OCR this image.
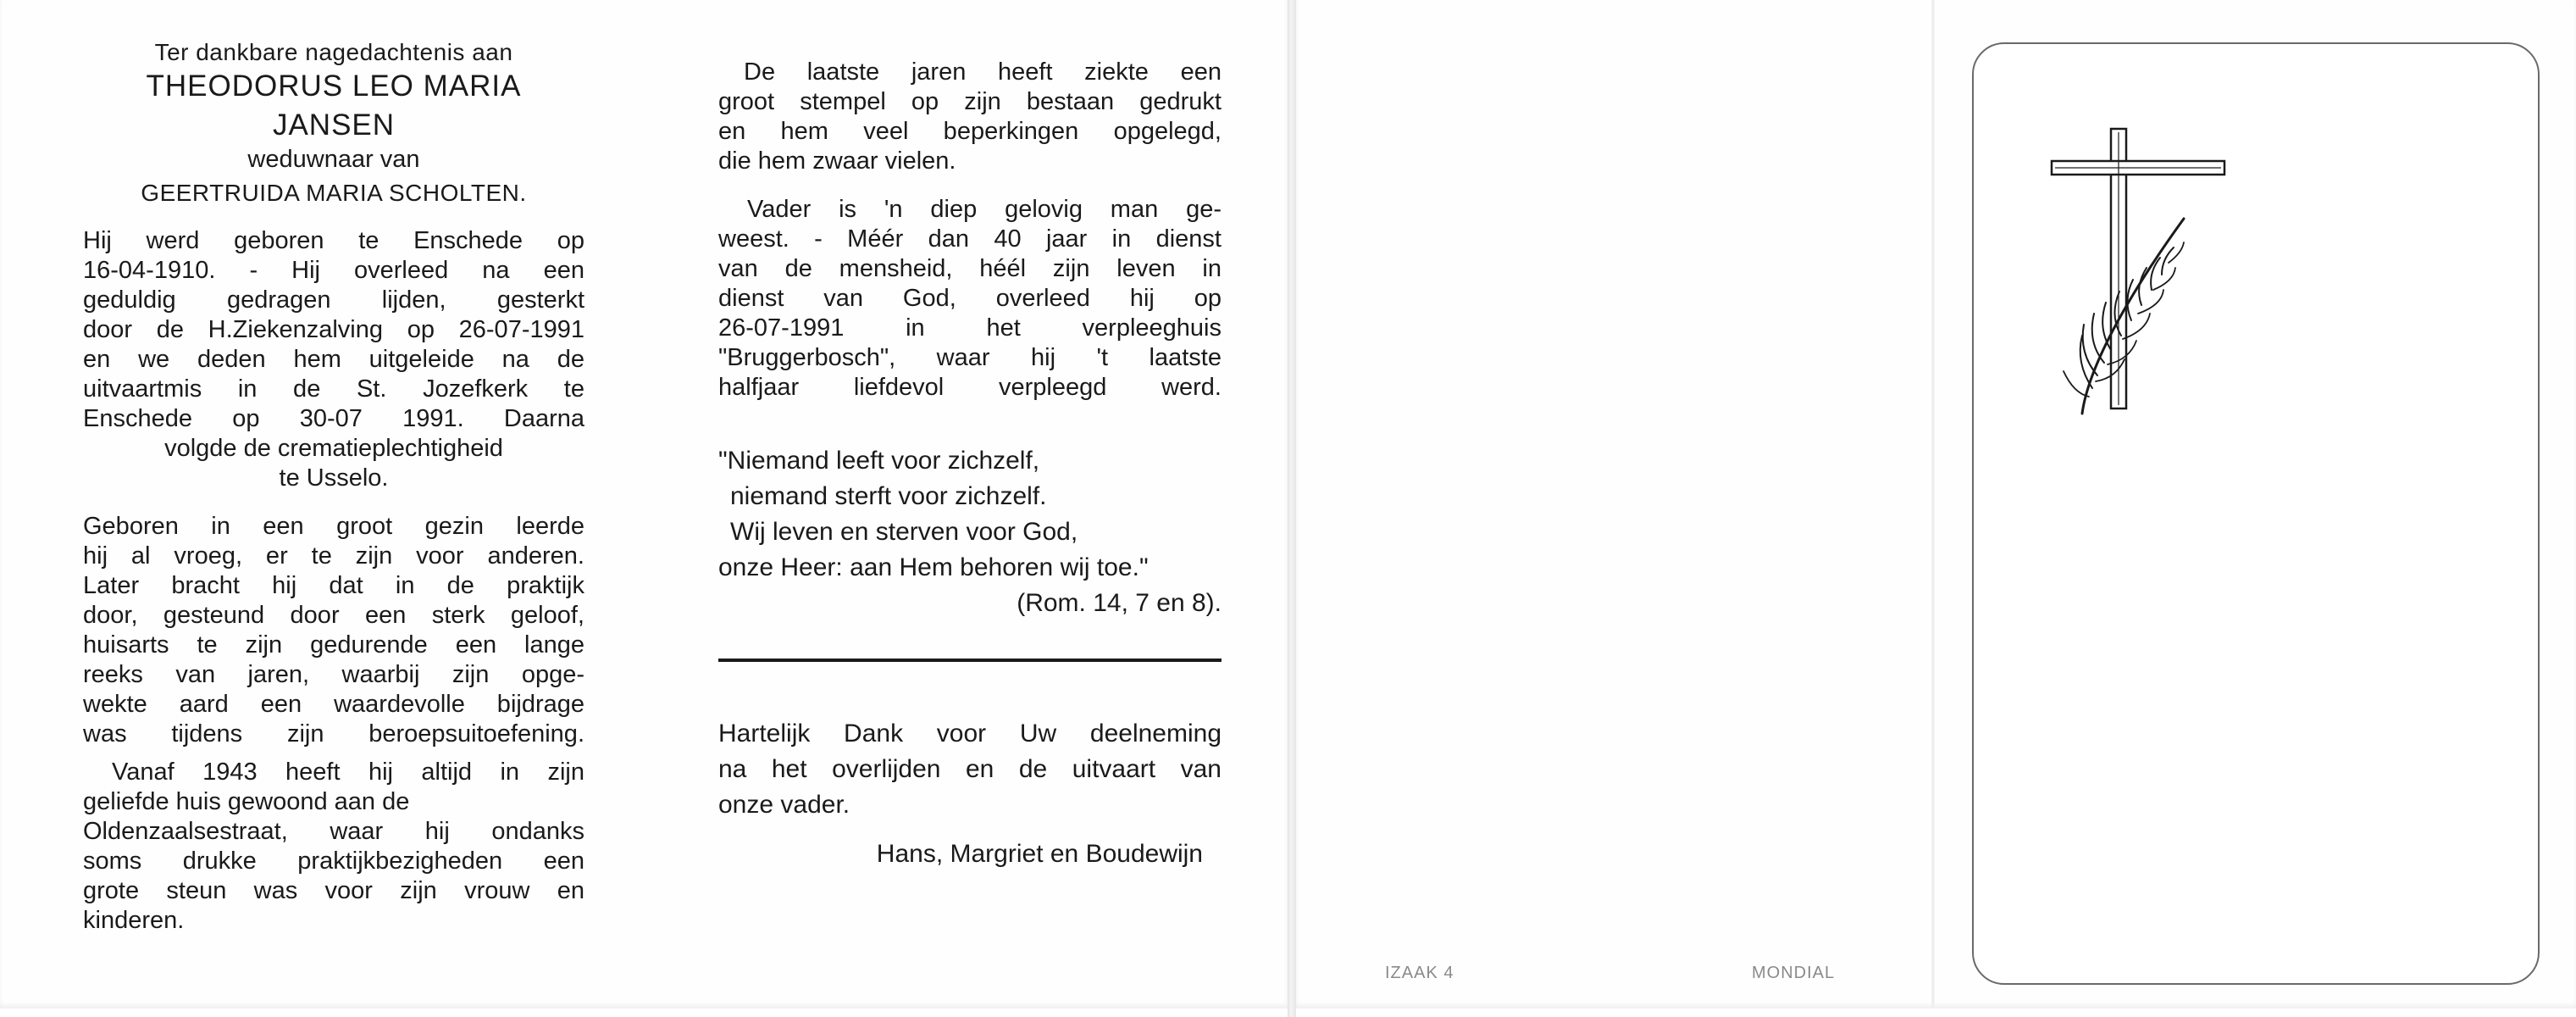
Ter dankbare nagedachtenis aan
THEODORUS LEO MARIA
JANSEN
weduwnaar van
GEERTRUIDA MARIA SCHOLTEN.
Hij werd geboren te Enschede op
16-04-1910. - Hij overleed na een
geduldig gedragen lijden, gesterkt
door de H.Ziekenzalving op 26-07-1991
en we deden hem uitgeleide na de
uitvaartmis in de St. Jozefkerk te
Enschede op 30-07 1991. Daarna
volgde de crematieplechtigheid
te Usselo.
Geboren in een groot gezin leerde
hij al vroeg, er te zijn voor anderen.
Later bracht hij dat in de praktijk
door, gesteund door een sterk geloof,
huisarts te zijn gedurende een lange
reeks van jaren, waarbij zijn opge-
wekte aard een waardevolle bijdrage
was tijdens zijn beroepsuitoefening.
Vanaf 1943 heeft hij altijd in zijn
geliefde huis gewoond aan de
Oldenzaalsestraat, waar hij ondanks
soms drukke praktijkbezigheden een
grote steun was voor zijn vrouw en
kinderen.
De laatste jaren heeft ziekte een
groot stempel op zijn bestaan gedrukt
en hem veel beperkingen opgelegd,
die hem zwaar vielen.
Vader is 'n diep gelovig man ge-
weest. - Méér dan 40 jaar in dienst
van de mensheid, héél zijn leven in
dienst van God, overleed hij op
26-07-1991 in het verpleeghuis
"Bruggerbosch", waar hij 't laatste
halfjaar liefdevol verpleegd werd.
"Niemand leeft voor zichzelf,
niemand sterft voor zichzelf.
Wij leven en sterven voor God,
onze Heer: aan Hem behoren wij toe."
(Rom. 14, 7 en 8).
Hartelijk Dank voor Uw deelneming
na het overlijden en de uitvaart van
onze vader.
Hans, Margriet en Boudewijn
IZAAK 4	MONDIAL
